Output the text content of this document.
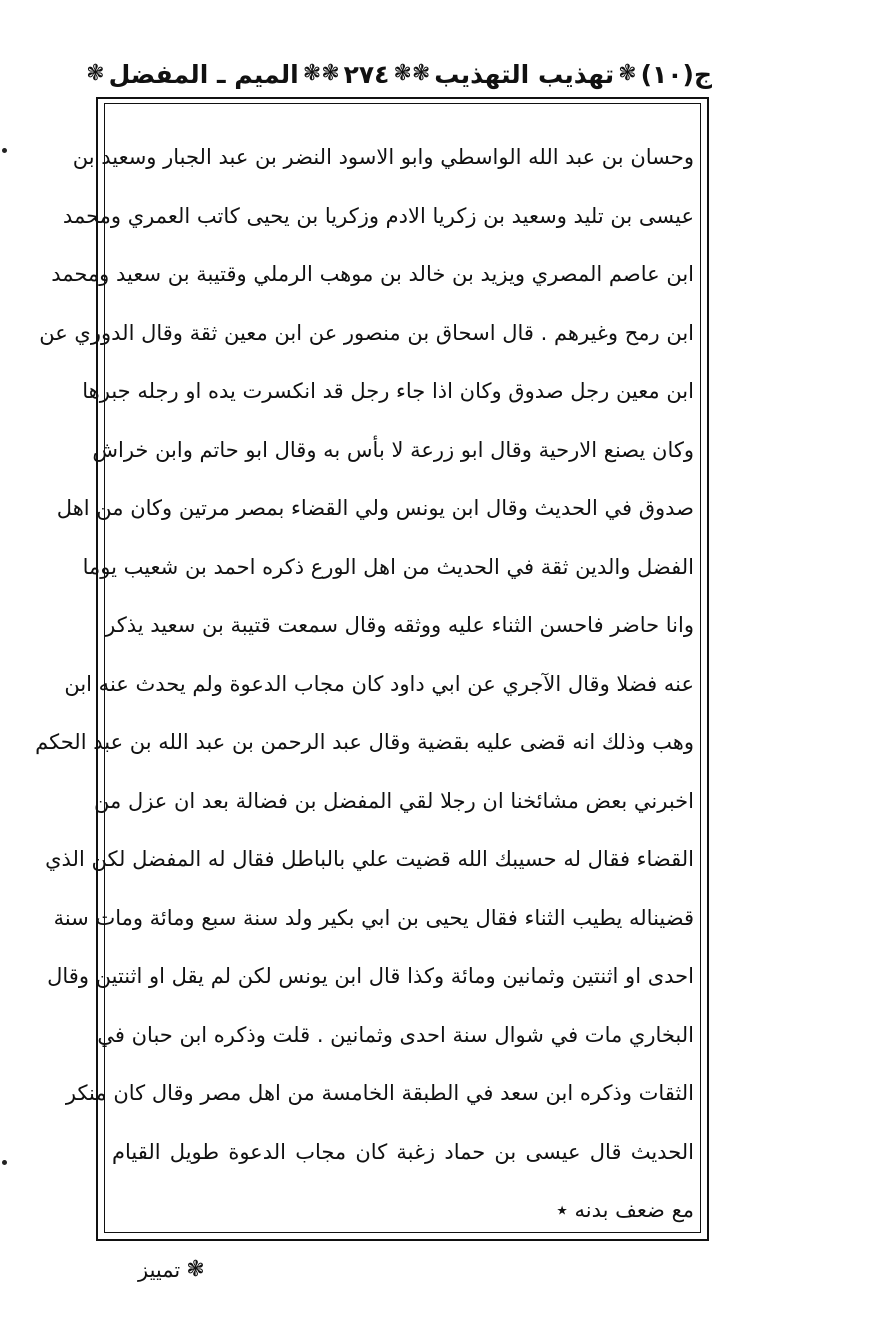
ج(١٠)
❃
تهذيب التهذيب
❃
❃
٢٧٤
❃
❃
الميم ـ المفضل
❃
وحسان بن عبد الله الواسطي وابو الاسود النضر بن عبد الجبار وسعيد بن
عيسى بن تليد وسعيد بن زكريا الادم وزكريا بن يحيى كاتب العمري ومحمد
ابن عاصم المصري ويزيد بن خالد بن موهب الرملي وقتيبة بن سعيد ومحمد
ابن رمح وغيرهم . قال اسحاق بن منصور عن ابن معين ثقة وقال الدوري عن
ابن معين رجل صدوق وكان اذا جاء رجل قد انكسرت يده او رجله جبرها
وكان يصنع الارحية وقال ابو زرعة لا بأس به وقال ابو حاتم وابن خراش
صدوق في الحديث وقال ابن يونس ولي القضاء بمصر مرتين وكان من اهل
الفضل والدين ثقة في الحديث من اهل الورع ذكره احمد بن شعيب يوما
وانا حاضر فاحسن الثناء عليه ووثقه وقال سمعت قتيبة بن سعيد يذكر
عنه فضلا وقال الآجري عن ابي داود كان مجاب الدعوة ولم يحدث عنه ابن
وهب وذلك انه قضى عليه بقضية وقال عبد الرحمن بن عبد الله بن عبد الحكم
اخبرني بعض مشائخنا ان رجلا لقي المفضل بن فضالة بعد ان عزل من
القضاء فقال له حسيبك الله قضيت علي بالباطل فقال له المفضل لكن الذي
قضيناله يطيب الثناء فقال يحيى بن ابي بكير ولد سنة سبع ومائة ومات سنة
احدى او اثنتين وثمانين ومائة وكذا قال ابن يونس لكن لم يقل او اثنتين وقال
البخاري مات في شوال سنة احدى وثمانين . قلت وذكره ابن حبان في
الثقات وذكره ابن سعد في الطبقة الخامسة من اهل مصر وقال كان منكر
الحديث قال عيسى بن حماد زغبة كان مجاب الدعوة طويل القيام
مع ضعف بدنه ٭
❃
تمييز
